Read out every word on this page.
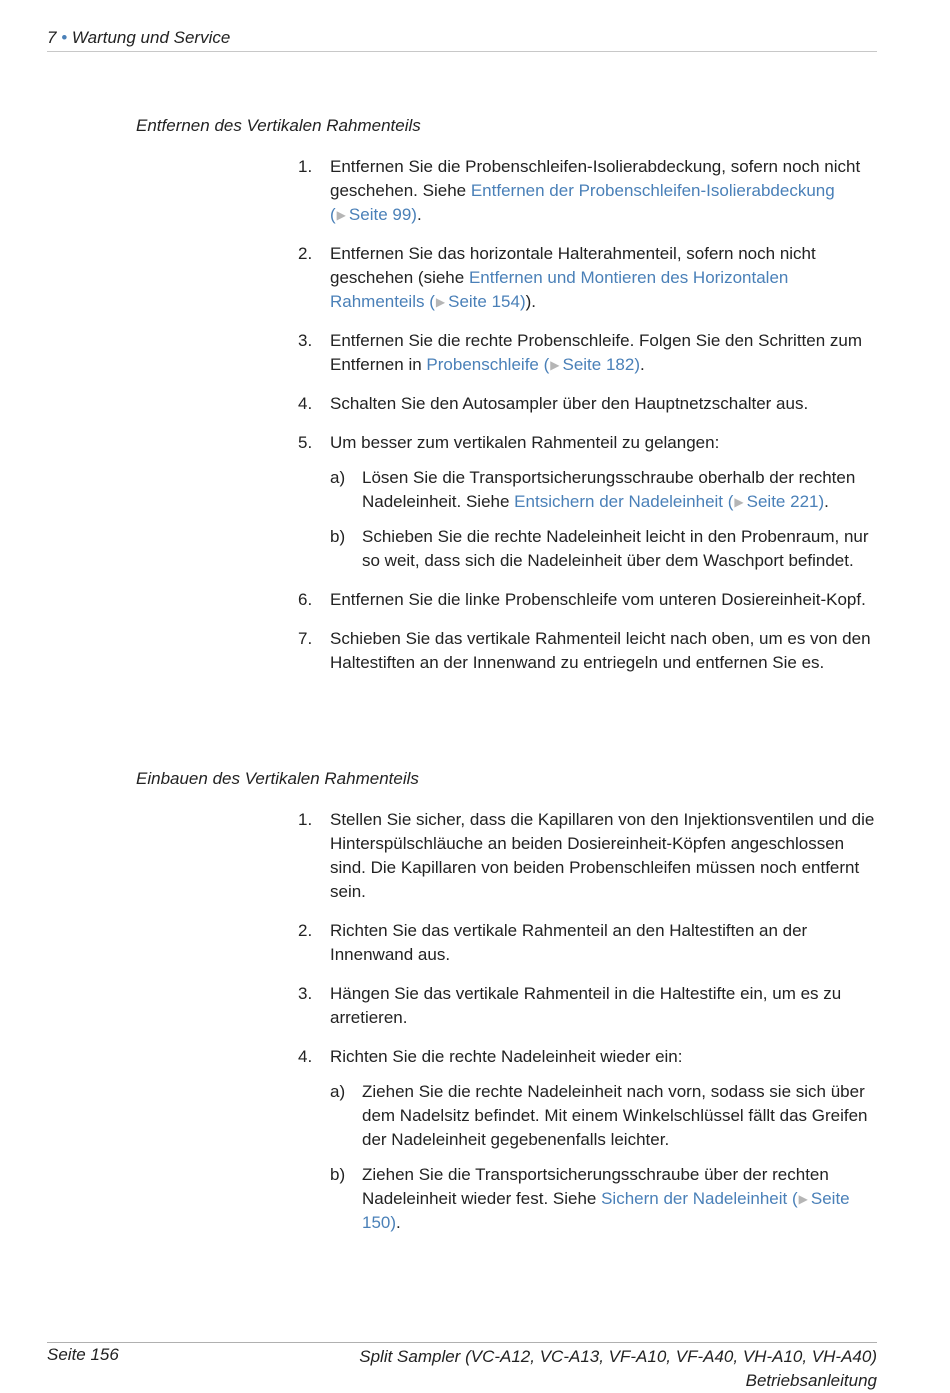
7 • Wartung und Service
Entfernen des Vertikalen Rahmenteils
1. Entfernen Sie die Probenschleifen-Isolierabdeckung, sofern noch nicht geschehen. Siehe Entfernen der Probenschleifen-Isolierabdeckung (▶ Seite 99).
2. Entfernen Sie das horizontale Halterahmenteil, sofern noch nicht geschehen (siehe Entfernen und Montieren des Horizontalen Rahmenteils (▶ Seite 154)).
3. Entfernen Sie die rechte Probenschleife. Folgen Sie den Schritten zum Entfernen in Probenschleife (▶ Seite 182).
4. Schalten Sie den Autosampler über den Hauptnetzschalter aus.
5. Um besser zum vertikalen Rahmenteil zu gelangen:
a) Lösen Sie die Transportsicherungsschraube oberhalb der rechten Nadeleinheit. Siehe Entsichern der Nadeleinheit (▶ Seite 221).
b) Schieben Sie die rechte Nadeleinheit leicht in den Probenraum, nur so weit, dass sich die Nadeleinheit über dem Waschport befindet.
6. Entfernen Sie die linke Probenschleife vom unteren Dosiereinheit-Kopf.
7. Schieben Sie das vertikale Rahmenteil leicht nach oben, um es von den Haltestiften an der Innenwand zu entriegeln und entfernen Sie es.
Einbauen des Vertikalen Rahmenteils
1. Stellen Sie sicher, dass die Kapillaren von den Injektionsventilen und die Hinterspülschläuche an beiden Dosiereinheit-Köpfen angeschlossen sind. Die Kapillaren von beiden Probenschleifen müssen noch entfernt sein.
2. Richten Sie das vertikale Rahmenteil an den Haltestiften an der Innenwand aus.
3. Hängen Sie das vertikale Rahmenteil in die Haltestifte ein, um es zu arretieren.
4. Richten Sie die rechte Nadeleinheit wieder ein:
a) Ziehen Sie die rechte Nadeleinheit nach vorn, sodass sie sich über dem Nadelsitz befindet. Mit einem Winkelschlüssel fällt das Greifen der Nadeleinheit gegebenenfalls leichter.
b) Ziehen Sie die Transportsicherungsschraube über der rechten Nadeleinheit wieder fest. Siehe Sichern der Nadeleinheit (▶ Seite 150).
Seite 156	Split Sampler (VC-A12, VC-A13, VF-A10, VF-A40, VH-A10, VH-A40)
Betriebsanleitung
